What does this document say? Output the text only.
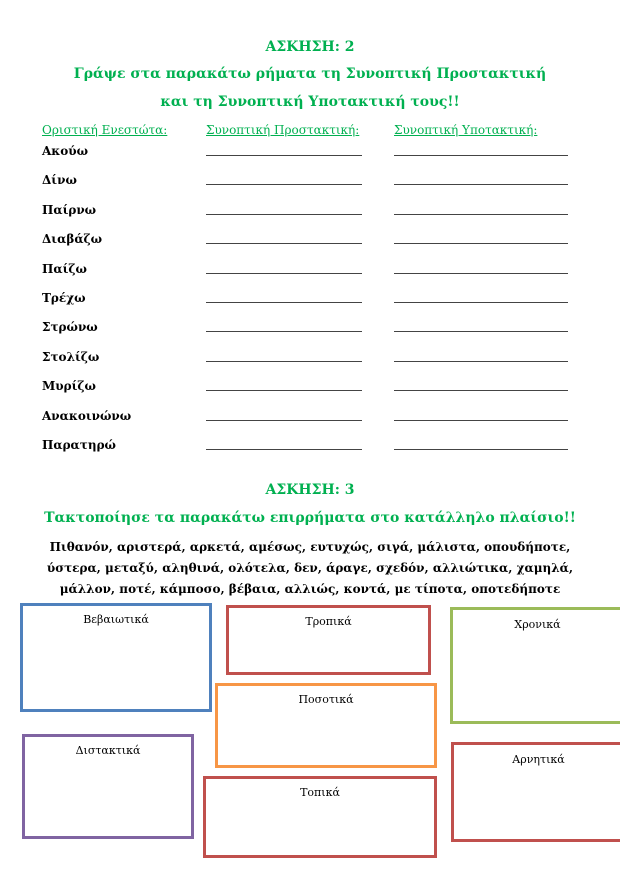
ΑΣΚΗΣΗ: 2
Γράψε στα παρακάτω ρήματα τη Συνοπτική Προστακτική
και τη Συνοπτική Υποτακτική τους!!
Οριστική Ενεστώτα:	Συνοπτική Προστακτική:	Συνοπτική Υποτακτική:
Ακούω
Δίνω
Παίρνω
Διαβάζω
Παίζω
Τρέχω
Στρώνω
Στολίζω
Μυρίζω
Ανακοινώνω
Παρατηρώ
ΑΣΚΗΣΗ: 3
Τακτοποίησε τα παρακάτω επιρρήματα στο κατάλληλο πλαίσιο!!
Πιθανόν, αριστερά, αρκετά, αμέσως, ευτυχώς, σιγά, μάλιστα, οπουδήποτε,
ύστερα, μεταξύ, αληθινά, ολότελα, δεν, άραγε, σχεδόν, αλλιώτικα, χαμηλά,
μάλλον, ποτέ, κάμποσο, βέβαια, αλλιώς, κοντά, με τίποτα, οποτεδήποτε
Βεβαιωτικά	Τροπικά	Χρονικά
Ποσοτικά
Διστακτικά
Αρνητικά
Τοπικά
